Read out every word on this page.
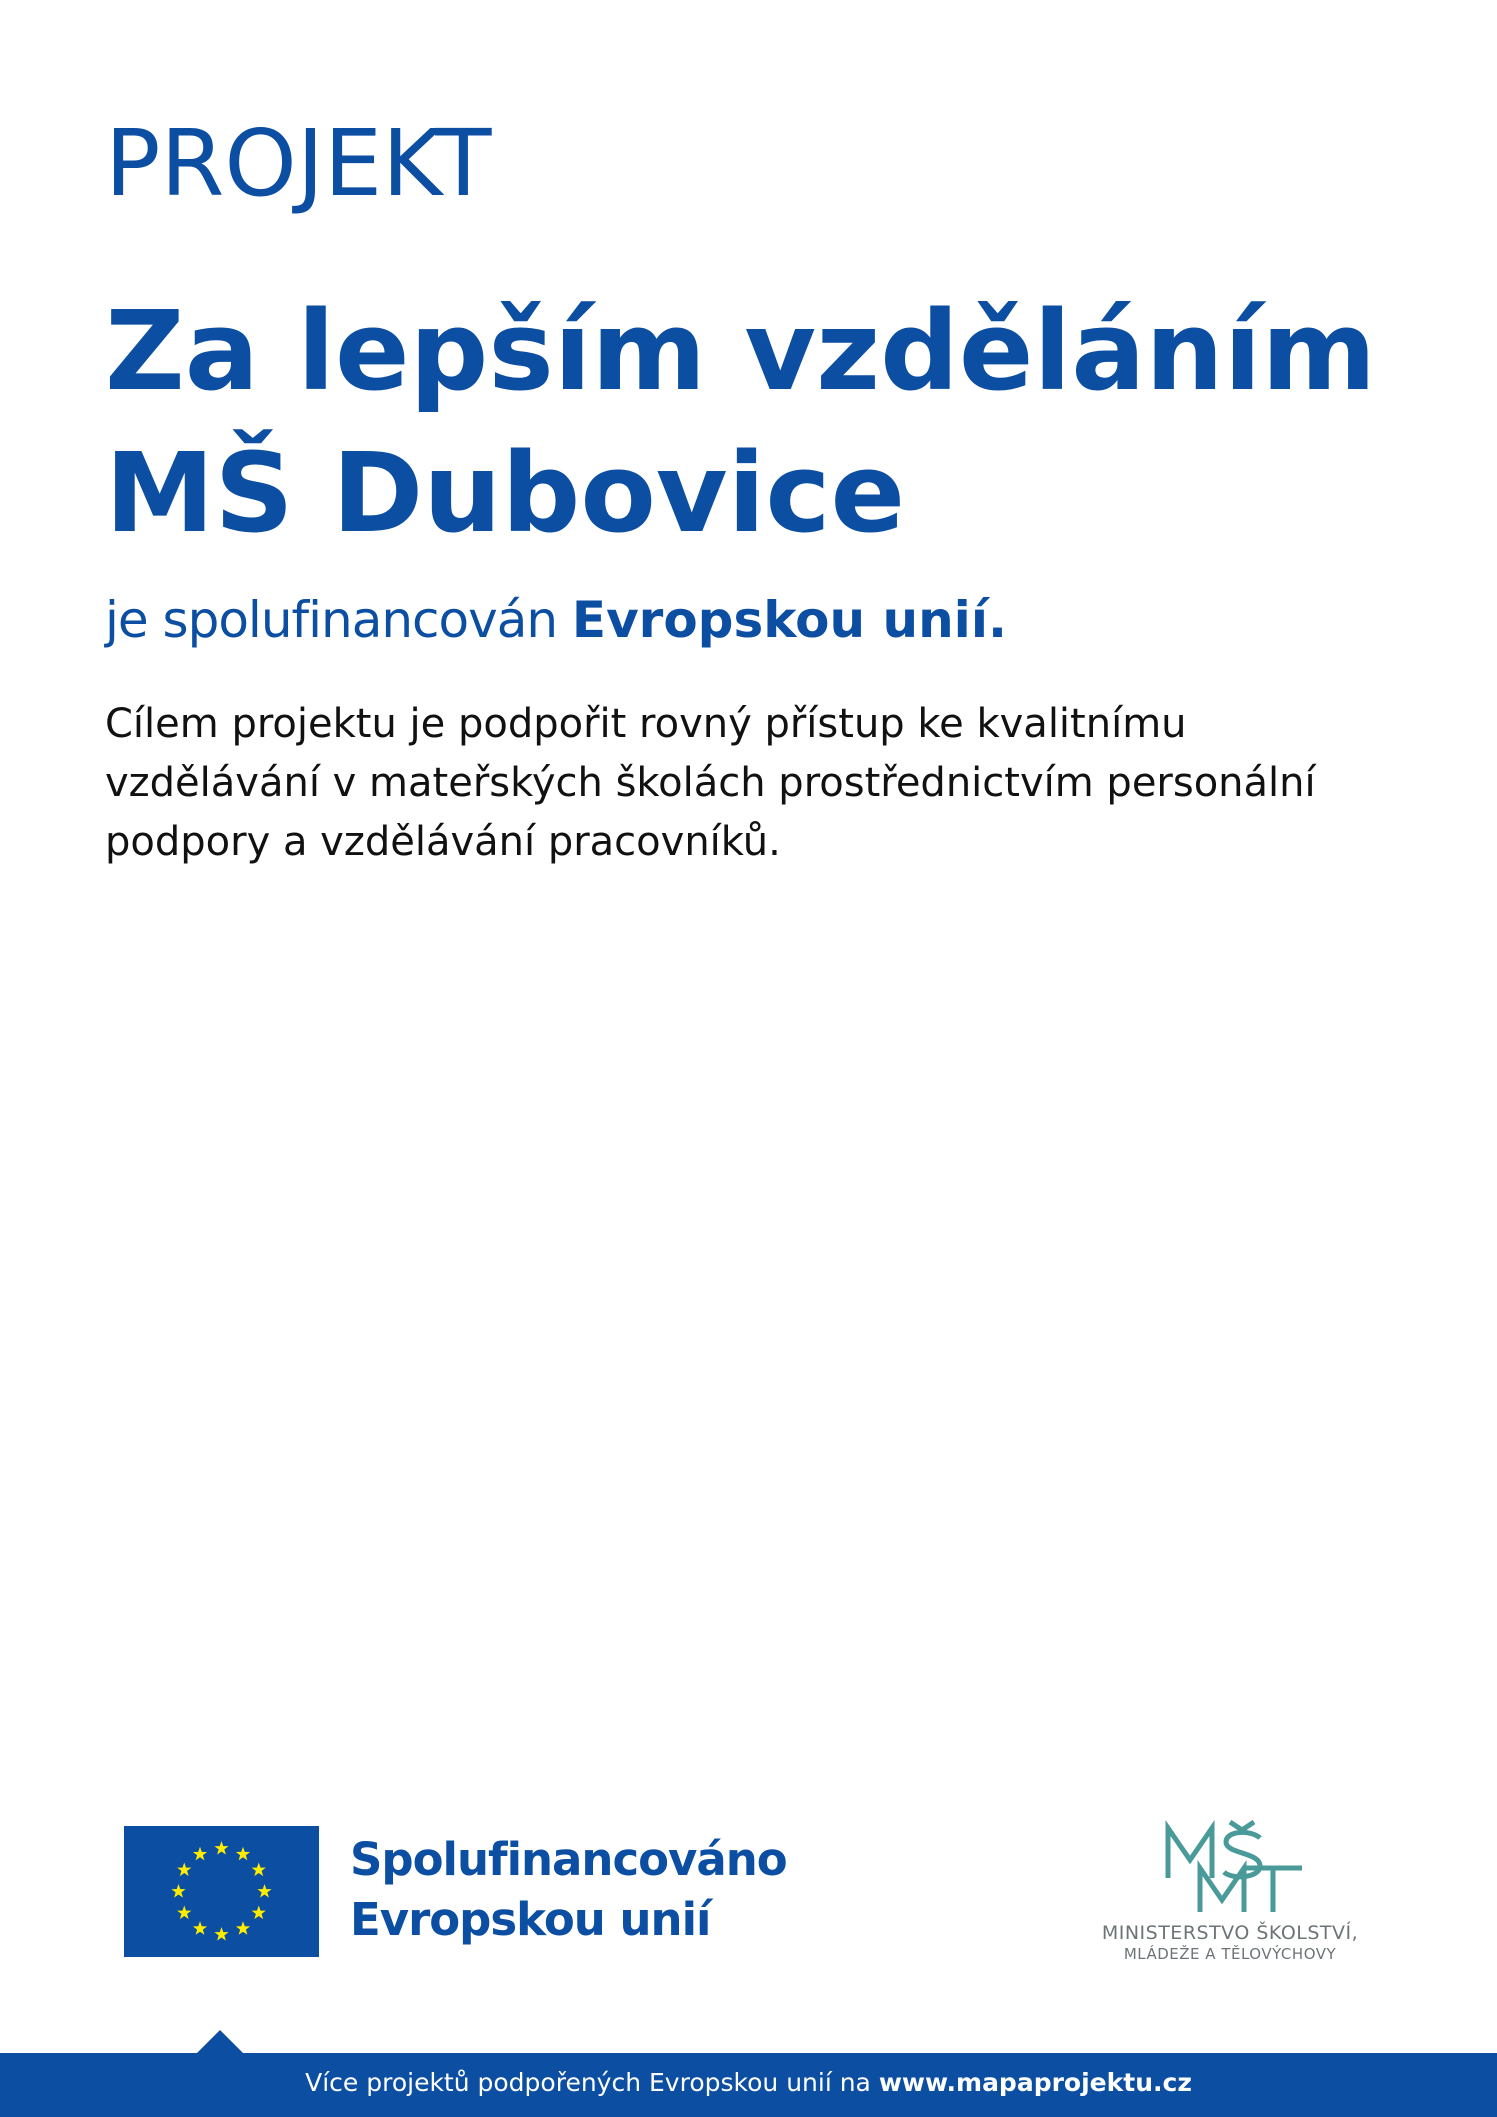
PROJEKT
Za lepším vzděláním
MŠ Dubovice
je spolufinancován Evropskou unií.
Cílem projektu je podpořit rovný přístup ke kvalitnímu
vzdělávání v mateřských školách prostřednictvím personální
podpory a vzdělávání pracovníků.
Spolufinancováno
Evropskou unií	MINISTERSTVO ŠKOLSTVÍ,
MLÁDEŽE A TĚLOVÝCHOVY
Více projektů podpořených Evropskou unií na www.mapaprojektu.cz
